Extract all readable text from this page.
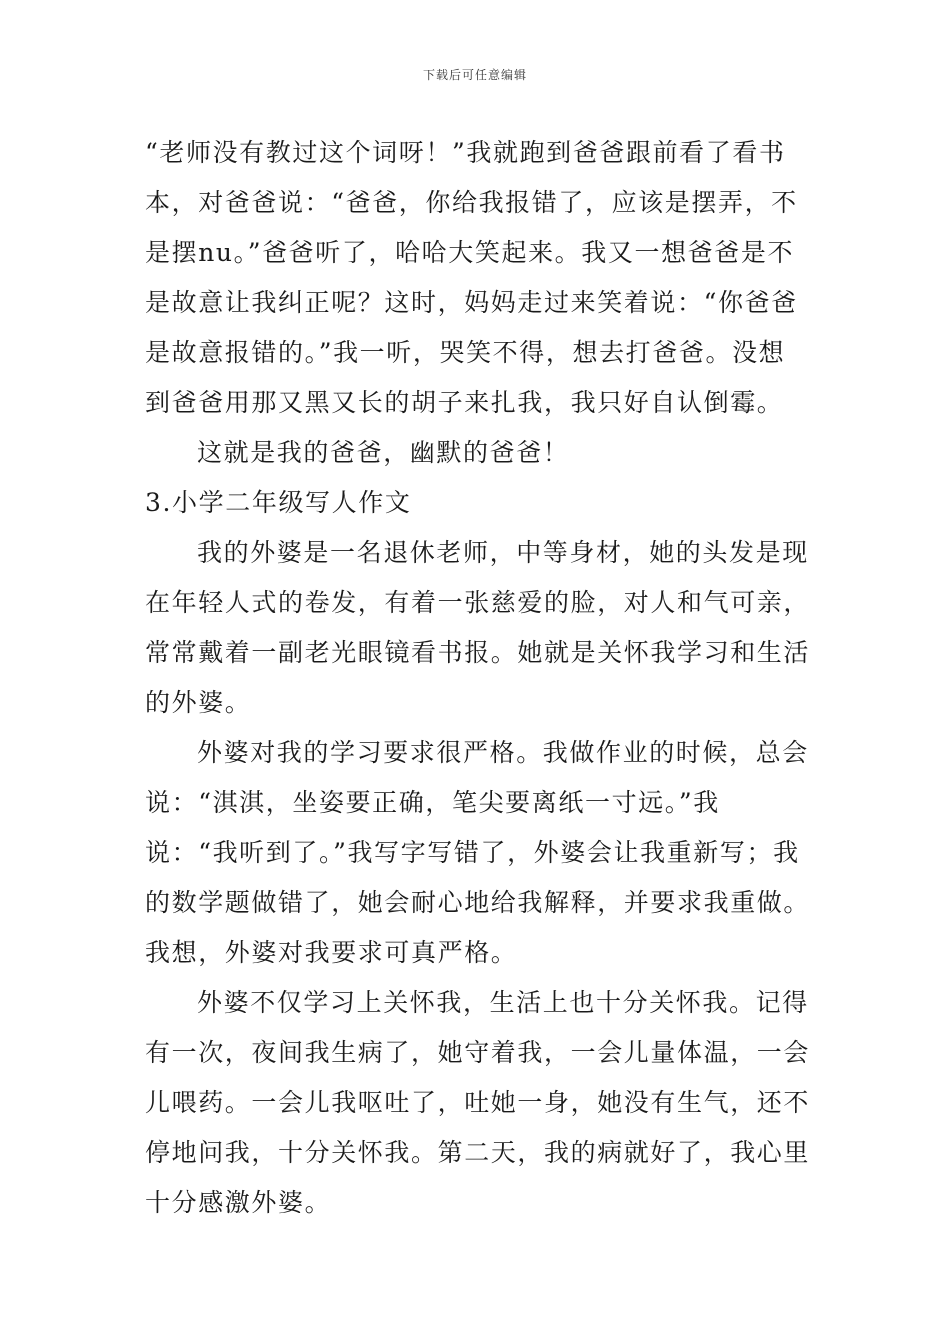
下载后可任意编辑

“老师没有教过这个词呀！”我就跑到爸爸跟前看了看书本，对爸爸说：“爸爸，你给我报错了，应该是摆弄，不是摆nu。”爸爸听了，哈哈大笑起来。我又一想爸爸是不是故意让我纠正呢？这时，妈妈走过来笑着说：“你爸爸是故意报错的。”我一听，哭笑不得，想去打爸爸。没想到爸爸用那又黑又长的胡子来扎我，我只好自认倒霉。

这就是我的爸爸，幽默的爸爸！

3.小学二年级写人作文

我的外婆是一名退休老师，中等身材，她的头发是现在年轻人式的卷发，有着一张慈爱的脸，对人和气可亲，常常戴着一副老光眼镜看书报。她就是关怀我学习和生活的外婆。

外婆对我的学习要求很严格。我做作业的时候，总会说：“淇淇，坐姿要正确，笔尖要离纸一寸远。”我说：“我听到了。”我写字写错了，外婆会让我重新写；我的数学题做错了，她会耐心地给我解释，并要求我重做。我想，外婆对我要求可真严格。

外婆不仅学习上关怀我，生活上也十分关怀我。记得有一次，夜间我生病了，她守着我，一会儿量体温，一会儿喂药。一会儿我呕吐了，吐她一身，她没有生气，还不停地问我，十分关怀我。第二天，我的病就好了，我心里十分感激外婆。
